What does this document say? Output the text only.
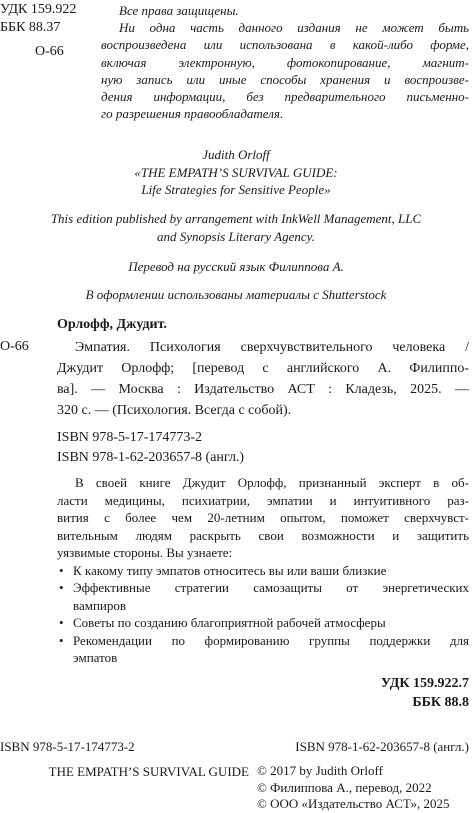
УДК 159.922
ББК 88.37
О-66
Все права защищены.
Ни одна часть данного издания не может быть
воспроизведена или использована в какой-либо форме,
включая электронную, фотокопирование, магнит-
ную запись или иные способы хранения и воспроизве-
дения информации, без предварительного письменно-
го разрешения правообладателя.
Judith Orloff
«THE EMPATH’S SURVIVAL GUIDE:
Life Strategies for Sensitive People»
This edition published by arrangement with InkWell Management, LLC
and Synopsis Literary Agency.
Перевод на русский язык Филиппова А.
В оформлении использованы материалы с Shutterstock
Орлофф, Джудит.
О-66	Эмпатия. Психология сверхчувствительного человека /
Джудит Орлофф; [перевод с английского А. Филиппо-
ва]. — Москва : Издательство АСТ : Кладезь, 2025. —
320 с. — (Психология. Всегда с собой).
ISBN 978-5-17-174773-2
ISBN 978-1-62-203657-8 (англ.)
В своей книге Джудит Орлофф, признанный эксперт в об-
ласти медицины, психиатрии, эмпатии и интуитивного раз-
вития с более чем 20-летним опытом, поможет сверхчувст-
вительным людям раскрыть свои возможности и защитить
уязвимые стороны. Вы узнаете:
• К какому типу эмпатов относитесь вы или ваши близкие
• Эффективные стратегии самозащиты от энергетических
вампиров
• Советы по созданию благоприятной рабочей атмосферы
• Рекомендации по формированию группы поддержки для
эмпатов
УДК 159.922.7
ББК 88.8
ISBN 978-5-17-174773-2	ISBN 978-1-62-203657-8 (англ.)
THE EMPATH’S SURVIVAL GUIDE © 2017 by Judith Orloff
© Филиппова А., перевод, 2022
© ООО «Издательство АСТ», 2025
